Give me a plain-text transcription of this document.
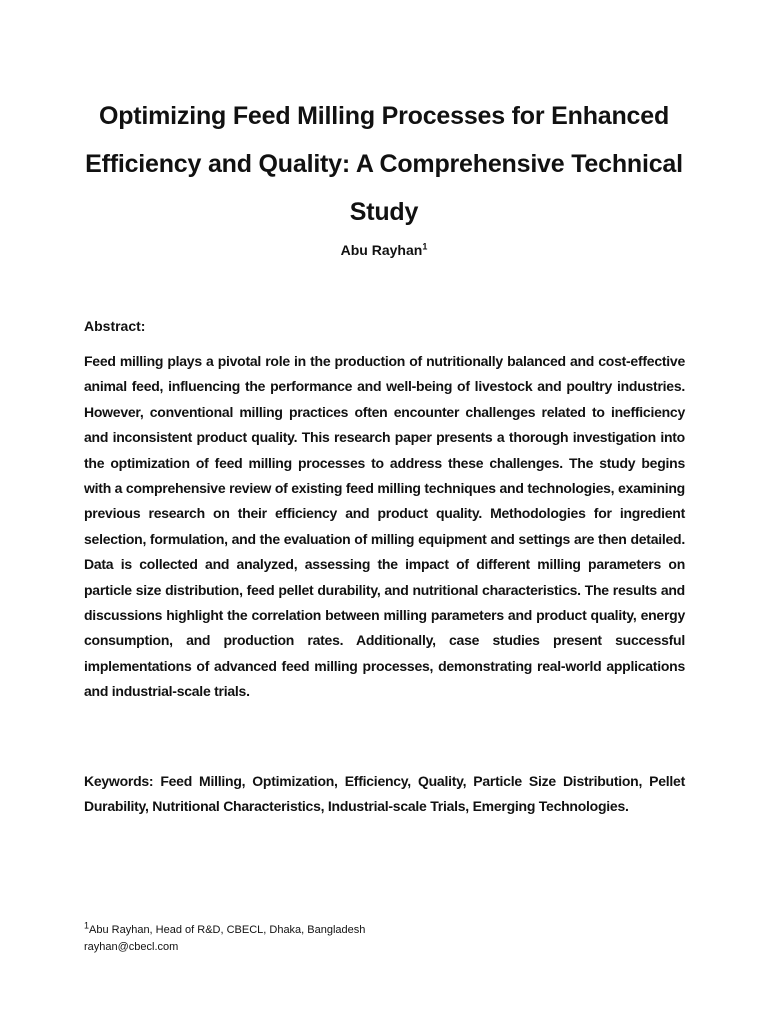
Optimizing Feed Milling Processes for Enhanced Efficiency and Quality: A Comprehensive Technical Study
Abu Rayhan$^1$
Abstract:

Feed milling plays a pivotal role in the production of nutritionally balanced and cost-effective animal feed, influencing the performance and well-being of livestock and poultry industries. However, conventional milling practices often encounter challenges related to inefficiency and inconsistent product quality. This research paper presents a thorough investigation into the optimization of feed milling processes to address these challenges. The study begins with a comprehensive review of existing feed milling techniques and technologies, examining previous research on their efficiency and product quality. Methodologies for ingredient selection, formulation, and the evaluation of milling equipment and settings are then detailed. Data is collected and analyzed, assessing the impact of different milling parameters on particle size distribution, feed pellet durability, and nutritional characteristics. The results and discussions highlight the correlation between milling parameters and product quality, energy consumption, and production rates. Additionally, case studies present successful implementations of advanced feed milling processes, demonstrating real-world applications and industrial-scale trials.

Keywords: Feed Milling, Optimization, Efficiency, Quality, Particle Size Distribution, Pellet Durability, Nutritional Characteristics, Industrial-scale Trials, Emerging Technologies.

$^1$Abu Rayhan, Head of R&D, CBECL, Dhaka, Bangladesh
rayhan@cbecl.com
